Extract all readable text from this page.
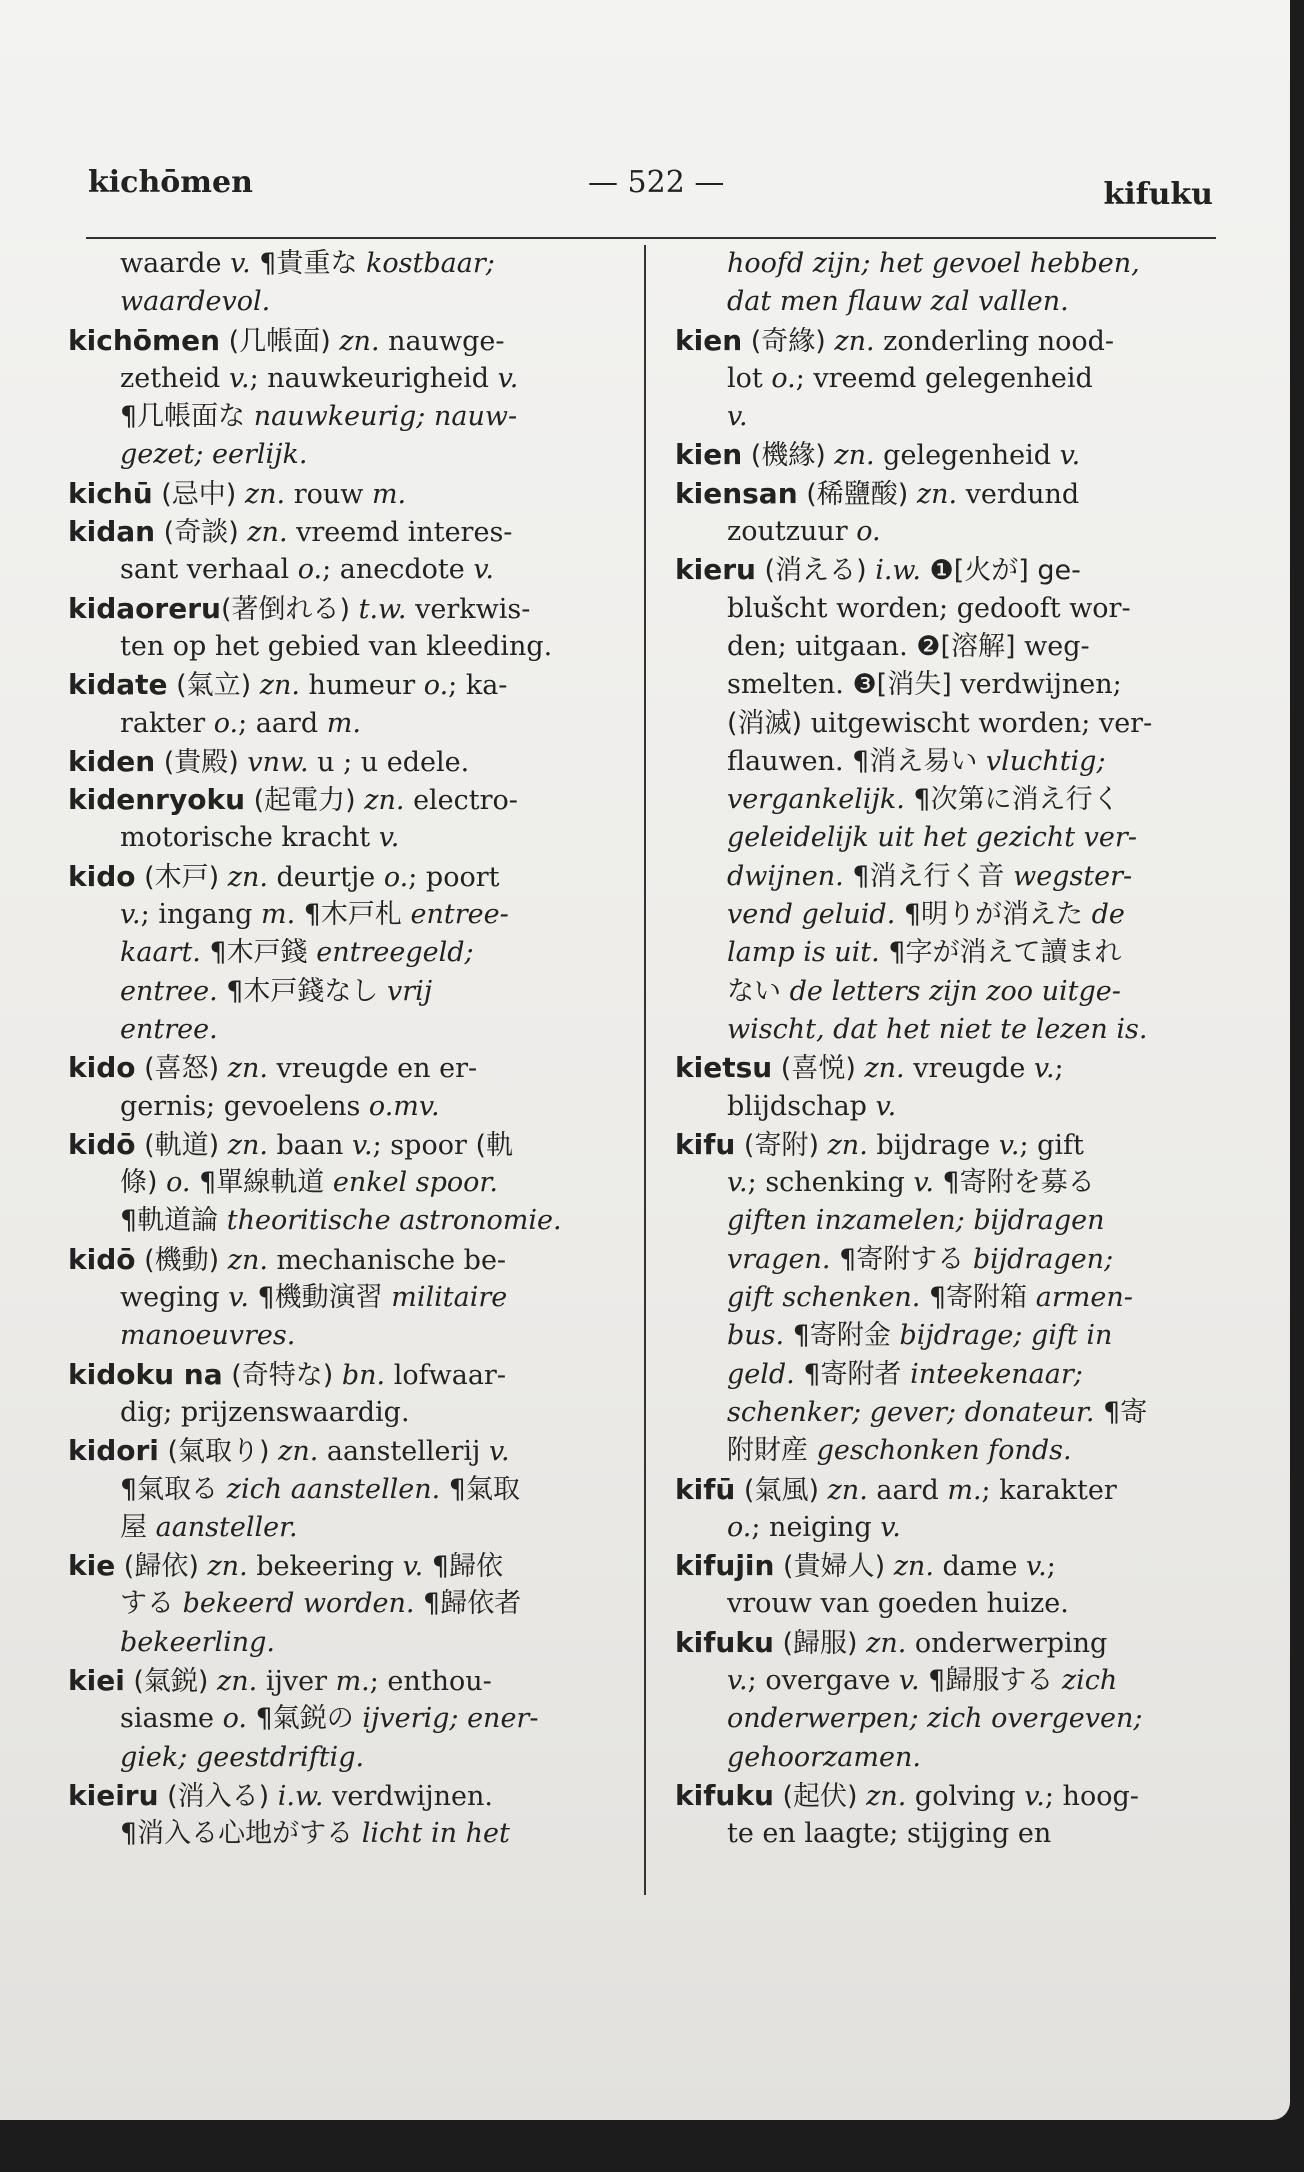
kichōmen	— 522 —	kifuku
waarde v. ¶貴重な kostbaar;
waardevol.
kichōmen (几帳面) zn. nauwge-
zetheid v.; nauwkeurigheid v.
¶几帳面な nauwkeurig; nauw-
gezet; eerlijk.
kichū (忌中) zn. rouw m.
kidan (奇談) zn. vreemd interes-
sant verhaal o.; anecdote v.
kidaoreru(著倒れる) t.w. verkwis-
ten op het gebied van kleeding.
kidate (氣立) zn. humeur o.; ka-
rakter o.; aard m.
kiden (貴殿) vnw. u ; u edele.
kidenryoku (起電力) zn. electro-
motorische kracht v.
kido (木戸) zn. deurtje o.; poort
v.; ingang m. ¶木戸札 entree-
kaart. ¶木戸錢 entreegeld;
entree. ¶木戸錢なし vrij
entree.
kido (喜怒) zn. vreugde en er-
gernis; gevoelens o.mv.
kidō (軌道) zn. baan v.; spoor (軌
條) o. ¶單線軌道 enkel spoor.
¶軌道論 theoritische astronomie.
kidō (機動) zn. mechanische be-
weging v. ¶機動演習 militaire
manoeuvres.
kidoku na (奇特な) bn. lofwaar-
dig; prijzenswaardig.
kidori (氣取り) zn. aanstellerij v.
¶氣取る zich aanstellen. ¶氣取
屋 aansteller.
kie (歸依) zn. bekeering v. ¶歸依
する bekeerd worden. ¶歸依者
bekeerling.
kiei (氣鋭) zn. ijver m.; enthou-
siasme o. ¶氣鋭の ijverig; ener-
giek; geestdriftig.
kieiru (消入る) i.w. verdwijnen.
¶消入る心地がする licht in het
hoofd zijn; het gevoel hebben,
dat men flauw zal vallen.
kien (奇緣) zn. zonderling nood-
lot o.; vreemd gelegenheid
v.
kien (機緣) zn. gelegenheid v.
kiensan (稀鹽酸) zn. verdund
zoutzuur o.
kieru (消える) i.w. ❶[火が] ge-
blušcht worden; gedooft wor-
den; uitgaan. ❷[溶解] weg-
smelten. ❸[消失] verdwijnen;
(消滅) uitgewischt worden; ver-
flauwen. ¶消え易い vluchtig;
vergankelijk. ¶次第に消え行く
geleidelijk uit het gezicht ver-
dwijnen. ¶消え行く音 wegster-
vend geluid. ¶明りが消えた de
lamp is uit. ¶字が消えて讀まれ
ない de letters zijn zoo uitge-
wischt, dat het niet te lezen is.
kietsu (喜悦) zn. vreugde v.;
blijdschap v.
kifu (寄附) zn. bijdrage v.; gift
v.; schenking v. ¶寄附を募る
giften inzamelen; bijdragen
vragen. ¶寄附する bijdragen;
gift schenken. ¶寄附箱 armen-
bus. ¶寄附金 bijdrage; gift in
geld. ¶寄附者 inteekenaar;
schenker; gever; donateur. ¶寄
附財産 geschonken fonds.
kifū (氣風) zn. aard m.; karakter
o.; neiging v.
kifujin (貴婦人) zn. dame v.;
vrouw van goeden huize.
kifuku (歸服) zn. onderwerping
v.; overgave v. ¶歸服する zich
onderwerpen; zich overgeven;
gehoorzamen.
kifuku (起伏) zn. golving v.; hoog-
te en laagte; stijging en
